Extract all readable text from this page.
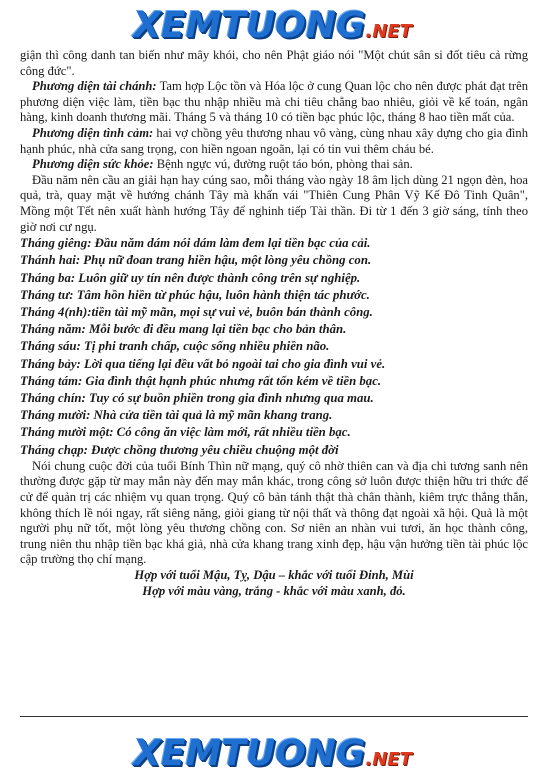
XEMTUONG.NET

giận thì công danh tan biến như mây khói, cho nên Phật giáo nói "Một chút sân si đốt tiêu cả rừng công đức".

Phương diện tài chánh: Tam hợp Lộc tồn và Hóa lộc ở cung Quan lộc cho nên được phát đạt trên phương diện việc làm, tiền bạc thu nhập nhiều mà chi tiêu chẳng bao nhiêu, giỏi về kế toán, ngân hàng, kinh doanh thương mãi. Tháng 5 và tháng 10 có tiền bạc phúc lộc, tháng 8 hao tiền mất của.

Phương diện tình cảm: hai vợ chồng yêu thương nhau vô vàng, cùng nhau xây dựng cho gia đình hạnh phúc, nhà cửa sang trọng, con hiền ngoan ngoãn, lại có tin vui thêm cháu bé.

Phương diện sức khỏe: Bệnh ngực vú, đường ruột táo bón, phòng thai sản.

Đầu năm nên cầu an giải hạn hay cúng sao, mỗi tháng vào ngày 18 âm lịch dùng 21 ngọn đèn, hoa quả, trà, quay mặt về hướng chánh Tây mà khấn vái "Thiên Cung Phân Vỹ Kế Đô Tinh Quân", Mồng một Tết nên xuất hành hướng Tây để nghinh tiếp Tài thần. Đi từ 1 đến 3 giờ sáng, tính theo giờ nơi cư ngụ.

Tháng giêng: Đầu năm dám nói dám làm đem lại tiền bạc của cải.

Thánh hai: Phụ nữ đoan trang hiền hậu, một lòng yêu chồng con.

Tháng ba: Luôn giữ uy tín nên được thành công trên sự nghiệp.

Tháng tư: Tâm hồn hiền từ phúc hậu, luôn hành thiện tác phước.

Tháng 4(nh):tiền tài mỹ mãn, mọi sự vui vẻ, buôn bán thành công.

Tháng năm: Mỗi bước đi đều mang lại tiền bạc cho bản thân.

Tháng sáu: Tị phi tranh chấp, cuộc sống nhiều phiền não.

Tháng bảy: Lời qua tiếng lại đều vất bỏ ngoài tai cho gia đình vui vẻ.

Tháng tám: Gia đình thật hạnh phúc nhưng rất tốn kém về tiền bạc.

Tháng chín: Tuy có sự buồn phiền trong gia đình nhưng qua mau.

Tháng mười: Nhà cửa tiền tài quả là mỹ mãn khang trang.

Tháng mười một: Có công ăn việc làm mới, rất nhiều tiền bạc.

Tháng chạp: Được chồng thương yêu chiều chuộng một đời

Nói chung cuộc đời của tuổi Bính Thìn nữ mạng, quý cô nhờ thiên can và địa chi tương sanh nên thường được gặp từ may mắn này đến may mắn khác, trong công sở luôn được thiện hữu tri thức để cử để quản trị các nhiệm vụ quan trọng. Quý cô bản tánh thật thà chân thành, kiêm trực thẳng thắn, không thích lề nói ngay, rất siêng năng, giỏi giang từ nội thất và thông đạt ngoài xã hội. Quả là một người phụ nữ tốt, một lòng yêu thương chồng con. Sơ niên an nhàn vui tươi, ăn học thành công, trung niên thu nhập tiền bạc khá giả, nhà cửa khang trang xinh đẹp, hậu vận hưởng tiền tài phúc lộc cập trường thọ chí mạng.

Hợp với tuổi Mậu, Tỵ, Dậu – khắc với tuổi Đinh, Mùi

Hợp với màu vàng, trắng - khắc với màu xanh, đỏ.

XEMTUONG.NET
